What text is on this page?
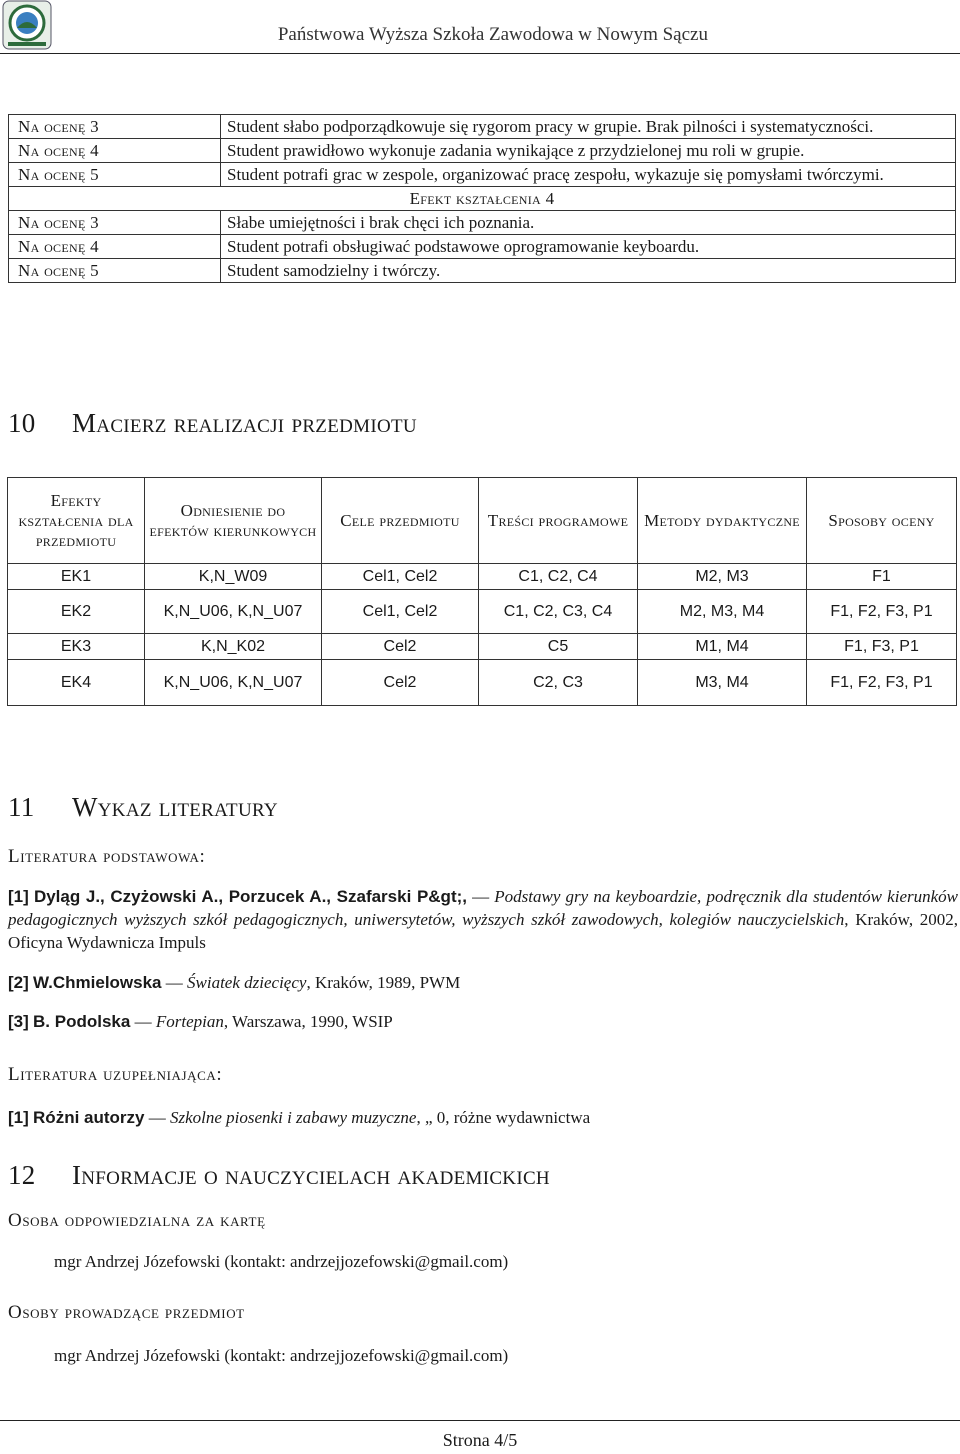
Państwowa Wyższa Szkoła Zawodowa w Nowym Sączu
Na ocenę 3	Student słabo podporządkowuje się rygorom pracy w grupie. Brak pilności i systematyczności.
Na ocenę 4	Student prawidłowo wykonuje zadania wynikające z przydzielonej mu roli w grupie.
Na ocenę 5	Student potrafi grac w zespole, organizować pracę zespołu, wykazuje się pomysłami twórczymi.
Efekt kształcenia 4	
Na ocenę 3	Słabe umiejętności i brak chęci ich poznania.
Na ocenę 4	Student potrafi obsługiwać podstawowe oprogramowanie keyboardu.
Na ocenę 5	Student samodzielny i twórczy.
10 Macierz realizacji przedmiotu
Efekty kształcenia dla przedmiotu	Odniesienie do efektów kierunkowych	Cele przedmiotu	Treści programowe	Metody dydaktyczne	Sposoby oceny
EK1	K,N_W09	Cel1, Cel2	C1, C2, C4	M2, M3	F1
EK2	K,N_U06, K,N_U07	Cel1, Cel2	C1, C2, C3, C4	M2, M3, M4	F1, F2, F3, P1
EK3	K,N_K02	Cel2	C5	M1, M4	F1, F3, P1
EK4	K,N_U06, K,N_U07	Cel2	C2, C3	M3, M4	F1, F2, F3, P1
11 Wykaz literatury
Literatura podstawowa:
[1] Dyląg J., Czyżowski A., Porzucek A., Szafarski P&gt;, — Podstawy gry na keyboardzie, podręcznik dla studentów kierunków pedagogicznych wyższych szkół pedagogicznych, uniwersytetów, wyższych szkół zawodowych, kolegiów nauczycielskich, Kraków, 2002, Oficyna Wydawnicza Impuls
[2] W.Chmielowska — Światek dziecięcy, Kraków, 1989, PWM
[3] B. Podolska — Fortepian, Warszawa, 1990, WSIP
Literatura uzupełniająca:
[1] Różni autorzy — Szkolne piosenki i zabawy muzyczne, „ 0, różne wydawnictwa
12 Informacje o nauczycielach akademickich
Osoba odpowiedzialna za kartę
mgr Andrzej Józefowski (kontakt: andrzejjozefowski@gmail.com)
Osoby prowadzące przedmiot
mgr Andrzej Józefowski (kontakt: andrzejjozefowski@gmail.com)
Strona 4/5
